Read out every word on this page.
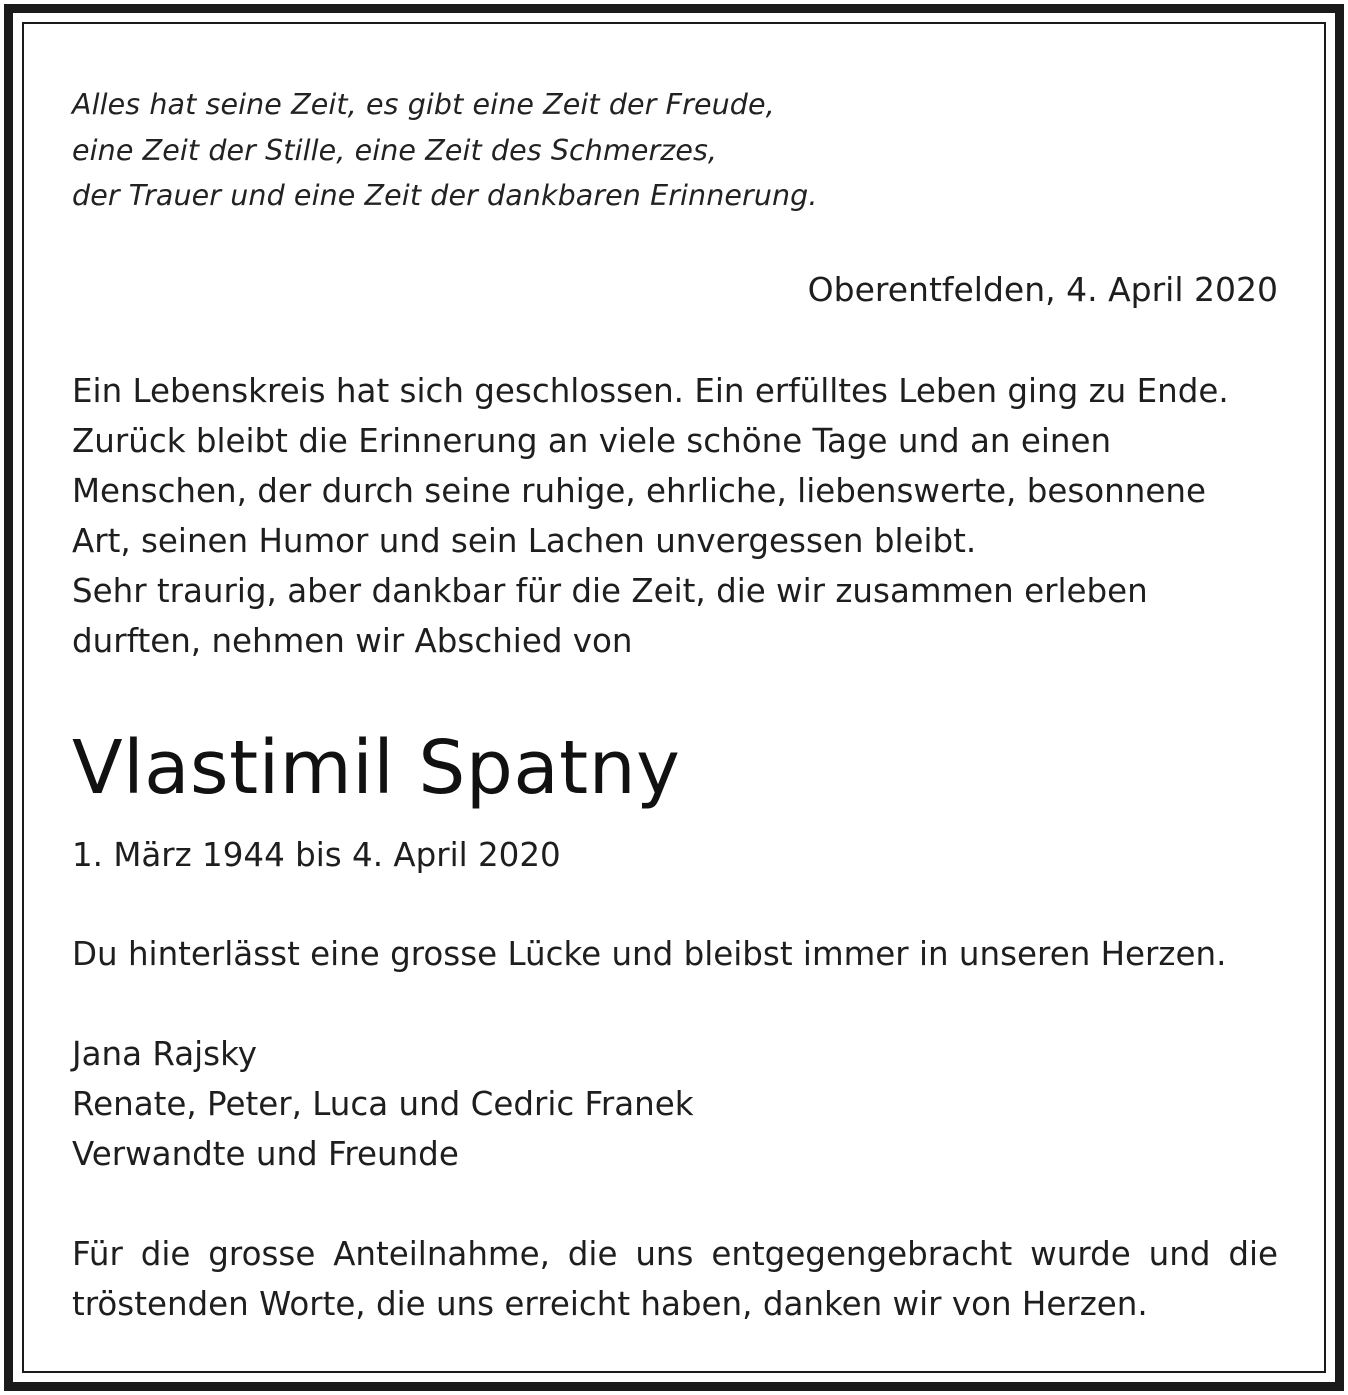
Alles hat seine Zeit, es gibt eine Zeit der Freude,
eine Zeit der Stille, eine Zeit des Schmerzes,
der Trauer und eine Zeit der dankbaren Erinnerung.
Oberentfelden, 4. April 2020
Ein Lebenskreis hat sich geschlossen. Ein erfülltes Leben ging zu Ende.
Zurück bleibt die Erinnerung an viele schöne Tage und an einen
Menschen, der durch seine ruhige, ehrliche, liebenswerte, besonnene
Art, seinen Humor und sein Lachen unvergessen bleibt.
Sehr traurig, aber dankbar für die Zeit, die wir zusammen erleben
durften, nehmen wir Abschied von
Vlastimil Spatny
1. März 1944 bis 4. April 2020
Du hinterlässt eine grosse Lücke und bleibst immer in unseren Herzen.
Jana Rajsky
Renate, Peter, Luca und Cedric Franek
Verwandte und Freunde
Für die grosse Anteilnahme, die uns entgegengebracht wurde und die
tröstenden Worte, die uns erreicht haben, danken wir von Herzen.
